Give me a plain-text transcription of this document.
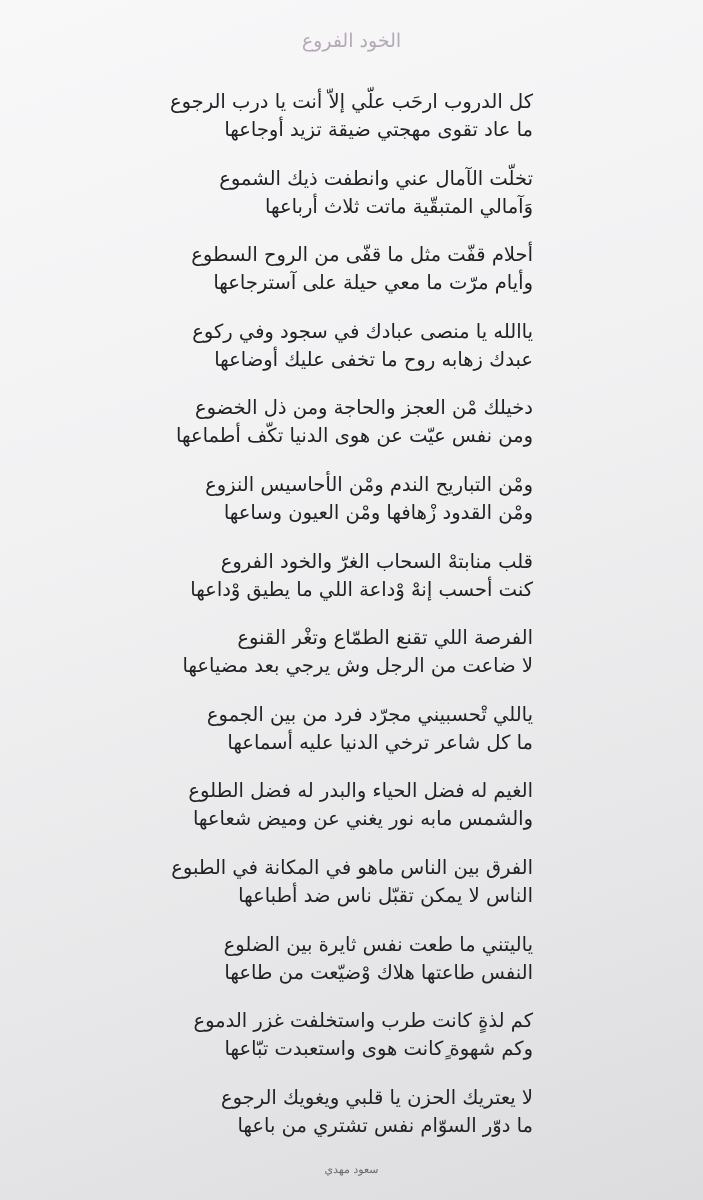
الخود الفروع
كل الدروب ارحَب علّي إلاّ أنت يا درب الرجوع
ما عاد تقوى مهجتي ضيقة تزيد أوجاعها
تخلّت الآمال عني وانطفت ذيك الشموع
وَآمالي المتبقّية ماتت ثلاث أرباعها
أحلام قفّت مثل ما قفّى من الروح السطوع
وأيام مرّت ما معي حيلة على آسترجاعها
ياالله يا منصى عبادك في سجود وفي ركوع
عبدك زهابه روح ما تخفى عليك أوضاعها
دخيلك مْن العجز والحاجة ومن ذل الخضوع
ومن نفس عيّت عن هوى الدنيا تكّف أطماعها
ومْن التباريح الندم ومْن الأحاسيس النزوع
ومْن القدود زْهافها ومْن العيون وساعها
قلب منابتهْ السحاب الغرّ والخود الفروع
كنت أحسب إنهْ وْداعة اللي ما يطيق وْداعها
الفرصة اللي تقنع الطمّاع وتغْر القنوع
لا ضاعت من الرجل وش يرجي بعد مضياعها
ياللي تْحسبيني مجرّد فرد من بين الجموع
ما كل شاعر ترخي الدنيا عليه أسماعها
الغيم له فضل الحياء والبدر له فضل الطلوع
والشمس مابه نور يغني عن وميض شعاعها
الفرق بين الناس ماهو في المكانة في الطبوع
الناس لا يمكن تقبّل ناس ضد أطباعها
ياليتني ما طعت نفس ثايرة بين الضلوع
النفس طاعتها هلاك وْضيّعت من طاعها
كم لذةٍ كانت طرب واستخلفت غزر الدموع
وكم شهوة ٍكانت هوى واستعبدت تبّاعها
لا يعتريك الحزن يا قلبي ويغويك الرجوع
ما دوّر السوّام نفس تشتري من باعها
سعود مهدي
